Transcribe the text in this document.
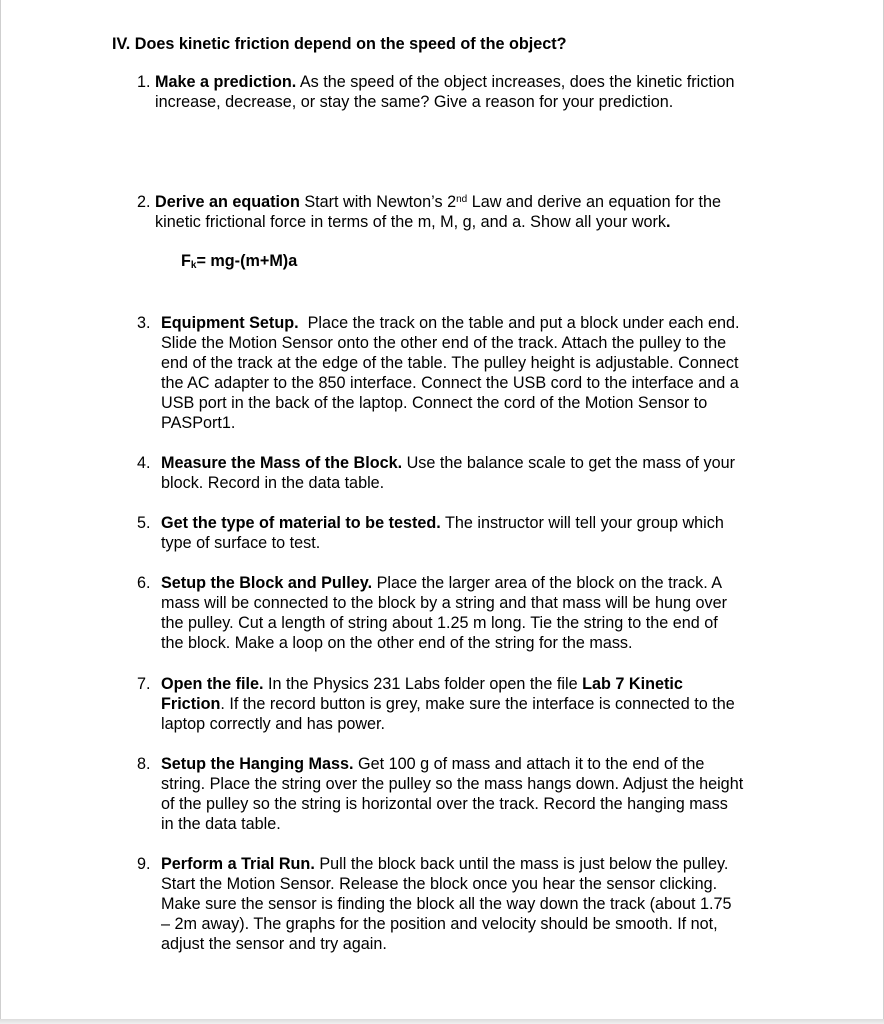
IV. Does kinetic friction depend on the speed of the object?
1. Make a prediction. As the speed of the object increases, does the kinetic friction
increase, decrease, or stay the same? Give a reason for your prediction.
2. Derive an equation Start with Newton’s 2nd Law and derive an equation for the
kinetic frictional force in terms of the m, M, g, and a. Show all your work.
$F_k= mg-(m+M)a$
3. Equipment Setup.  Place the track on the table and put a block under each end.
Slide the Motion Sensor onto the other end of the track. Attach the pulley to the
end of the track at the edge of the table. The pulley height is adjustable. Connect
the AC adapter to the 850 interface. Connect the USB cord to the interface and a
USB port in the back of the laptop. Connect the cord of the Motion Sensor to
PASPort1.
4. Measure the Mass of the Block. Use the balance scale to get the mass of your
block. Record in the data table.
5. Get the type of material to be tested. The instructor will tell your group which
type of surface to test.
6. Setup the Block and Pulley. Place the larger area of the block on the track. A
mass will be connected to the block by a string and that mass will be hung over
the pulley. Cut a length of string about 1.25 m long. Tie the string to the end of
the block. Make a loop on the other end of the string for the mass.
7. Open the file. In the Physics 231 Labs folder open the file Lab 7 Kinetic
Friction. If the record button is grey, make sure the interface is connected to the
laptop correctly and has power.
8. Setup the Hanging Mass. Get 100 g of mass and attach it to the end of the
string. Place the string over the pulley so the mass hangs down. Adjust the height
of the pulley so the string is horizontal over the track. Record the hanging mass
in the data table.
9. Perform a Trial Run. Pull the block back until the mass is just below the pulley.
Start the Motion Sensor. Release the block once you hear the sensor clicking.
Make sure the sensor is finding the block all the way down the track (about 1.75
– 2m away). The graphs for the position and velocity should be smooth. If not,
adjust the sensor and try again.
